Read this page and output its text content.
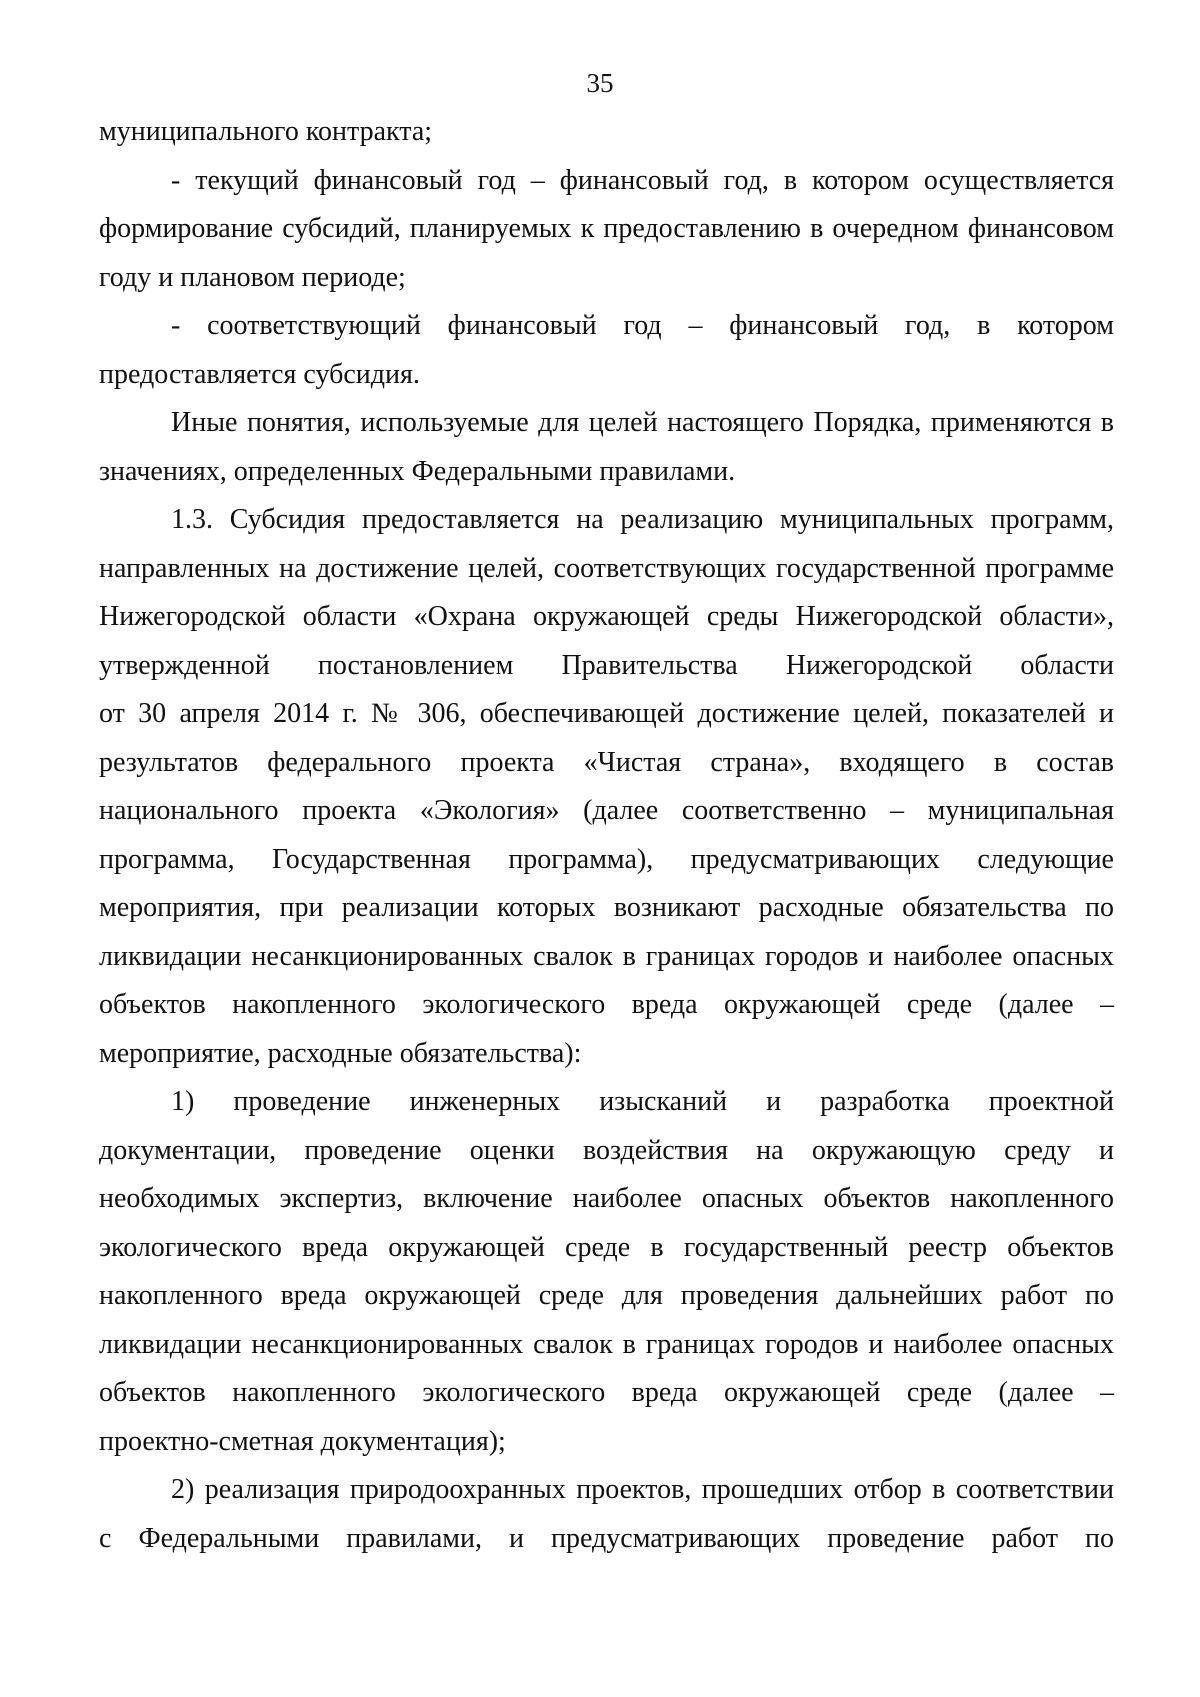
35
муниципального контракта;
- текущий финансовый год – финансовый год, в котором осуществляется
формирование субсидий, планируемых к предоставлению в очередном финансовом
году и плановом периоде;
- соответствующий финансовый год – финансовый год, в котором
предоставляется субсидия.
Иные понятия, используемые для целей настоящего Порядка, применяются в
значениях, определенных Федеральными правилами.
1.3. Субсидия предоставляется на реализацию муниципальных программ,
направленных на достижение целей, соответствующих государственной программе
Нижегородской области «Охрана окружающей среды Нижегородской области»,
утвержденной постановлением Правительства Нижегородской области
от 30 апреля 2014 г. № 306, обеспечивающей достижение целей, показателей и
результатов федерального проекта «Чистая страна», входящего в состав
национального проекта «Экология» (далее соответственно – муниципальная
программа, Государственная программа), предусматривающих следующие
мероприятия, при реализации которых возникают расходные обязательства по
ликвидации несанкционированных свалок в границах городов и наиболее опасных
объектов накопленного экологического вреда окружающей среде (далее –
мероприятие, расходные обязательства):
1) проведение инженерных изысканий и разработка проектной
документации, проведение оценки воздействия на окружающую среду и
необходимых экспертиз, включение наиболее опасных объектов накопленного
экологического вреда окружающей среде в государственный реестр объектов
накопленного вреда окружающей среде для проведения дальнейших работ по
ликвидации несанкционированных свалок в границах городов и наиболее опасных
объектов накопленного экологического вреда окружающей среде (далее –
проектно-сметная документация);
2) реализация природоохранных проектов, прошедших отбор в соответствии
с Федеральными правилами, и предусматривающих проведение работ по
